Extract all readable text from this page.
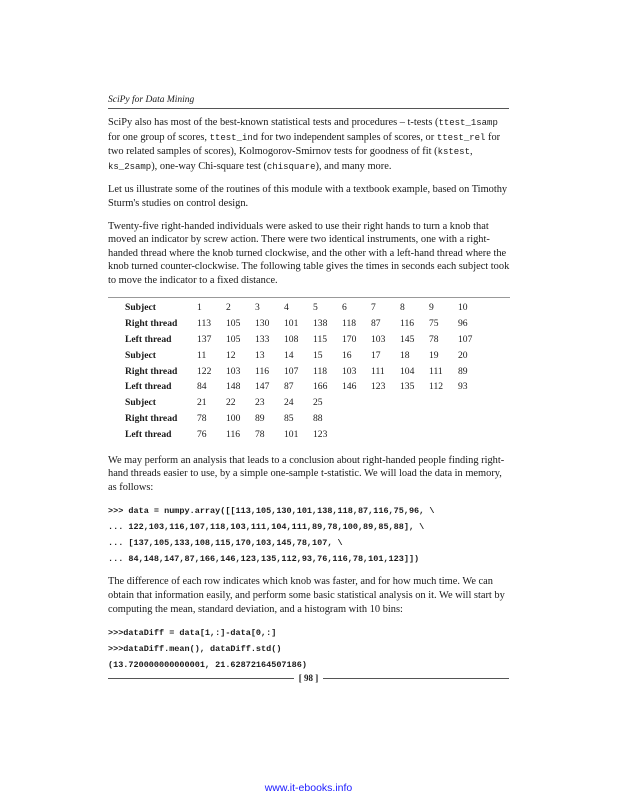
SciPy for Data Mining

SciPy also has most of the best-known statistical tests and procedures – t-tests (ttest_1samp for one group of scores, ttest_ind for two independent samples of scores, or ttest_rel for two related samples of scores), Kolmogorov-Smirnov tests for goodness of fit (kstest, ks_2samp), one-way Chi-square test (chisquare), and many more.

Let us illustrate some of the routines of this module with a textbook example, based on Timothy Sturm's studies on control design.

Twenty-five right-handed individuals were asked to use their right hands to turn a knob that moved an indicator by screw action. There were two identical instruments, one with a right-handed thread where the knob turned clockwise, and the other with a left-hand thread where the knob turned counter-clockwise. The following table gives the times in seconds each subject took to move the indicator to a fixed distance.

Subject	1	2	3	4	5	6	7	8	9	10
Right thread	113	105	130	101	138	118	87	116	75	96
Left thread	137	105	133	108	115	170	103	145	78	107
Subject	11	12	13	14	15	16	17	18	19	20
Right thread	122	103	116	107	118	103	111	104	111	89
Left thread	84	148	147	87	166	146	123	135	112	93
Subject	21	22	23	24	25					
Right thread	78	100	89	85	88					
Left thread	76	116	78	101	123					

We may perform an analysis that leads to a conclusion about right-handed people finding right-hand threads easier to use, by a simple one-sample t-statistic. We will load the data in memory, as follows:

>>> data = numpy.array([[113,105,130,101,138,118,87,116,75,96, \
... 122,103,116,107,118,103,111,104,111,89,78,100,89,85,88], \
... [137,105,133,108,115,170,103,145,78,107, \
... 84,148,147,87,166,146,123,135,112,93,76,116,78,101,123]])

The difference of each row indicates which knob was faster, and for how much time. We can obtain that information easily, and perform some basic statistical analysis on it. We will start by computing the mean, standard deviation, and a histogram with 10 bins:

>>>dataDiff = data[1,:]-data[0,:]
>>>dataDiff.mean(), dataDiff.std()
(13.720000000000001, 21.62872164507186)
[ 98 ]
www.it-ebooks.info
